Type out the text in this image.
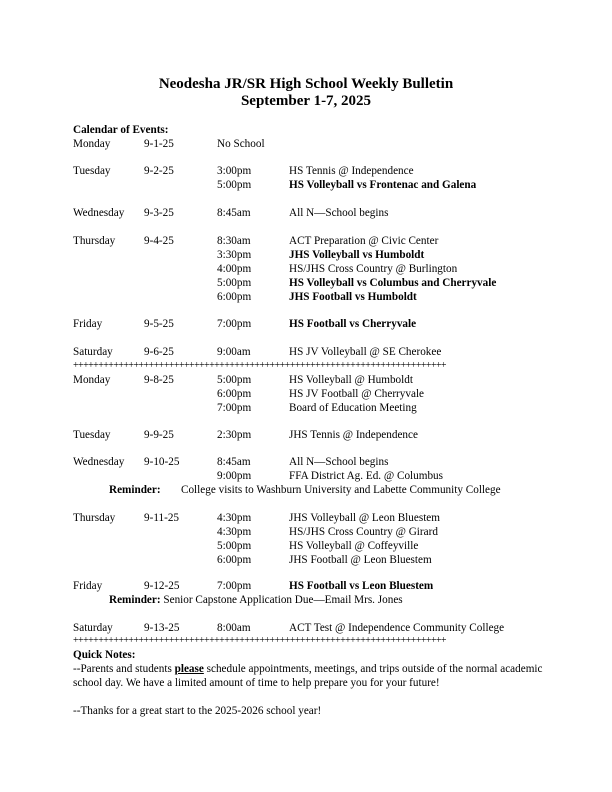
Neodesha JR/SR High School Weekly Bulletin
September 1-7, 2025
Calendar of Events:
Monday	9-1-25	No School
Tuesday	9-2-25	3:00pm	HS Tennis @ Independence
5:00pm	HS Volleyball vs Frontenac and Galena
Wednesday 9-3-25	8:45am	All N—School begins
Thursday	9-4-25	8:30am	ACT Preparation @ Civic Center
3:30pm	JHS Volleyball vs Humboldt
4:00pm	HS/JHS Cross Country @ Burlington
5:00pm	HS Volleyball vs Columbus and Cherryvale
6:00pm	JHS Football vs Humboldt
Friday	9-5-25	7:00pm	HS Football vs Cherryvale
Saturday	9-6-25	9:00am	HS JV Volleyball @ SE Cherokee
++++++++++++++++++++++++++++++++++++++++++++++++++++++++++++++++++++++++++
Monday	9-8-25	5:00pm	HS Volleyball @ Humboldt
6:00pm	HS JV Football @ Cherryvale
7:00pm	Board of Education Meeting
Tuesday	9-9-25	2:30pm	JHS Tennis @ Independence
Wednesday 9-10-25	8:45am	All N—School begins
9:00pm	FFA District Ag. Ed. @ Columbus
Reminder: College visits to Washburn University and Labette Community College
Thursday	9-11-25	4:30pm	JHS Volleyball @ Leon Bluestem
4:30pm	HS/JHS Cross Country @ Girard
5:00pm	HS Volleyball @ Coffeyville
6:00pm	JHS Football @ Leon Bluestem
Friday	9-12-25	7:00pm	HS Football vs Leon Bluestem
Reminder: Senior Capstone Application Due—Email Mrs. Jones
Saturday	9-13-25	8:00am	ACT Test @ Independence Community College
++++++++++++++++++++++++++++++++++++++++++++++++++++++++++++++++++++++++++
Quick Notes:
--Parents and students please schedule appointments, meetings, and trips outside of the normal academic school day. We have a limited amount of time to help prepare you for your future!
--Thanks for a great start to the 2025-2026 school year!
